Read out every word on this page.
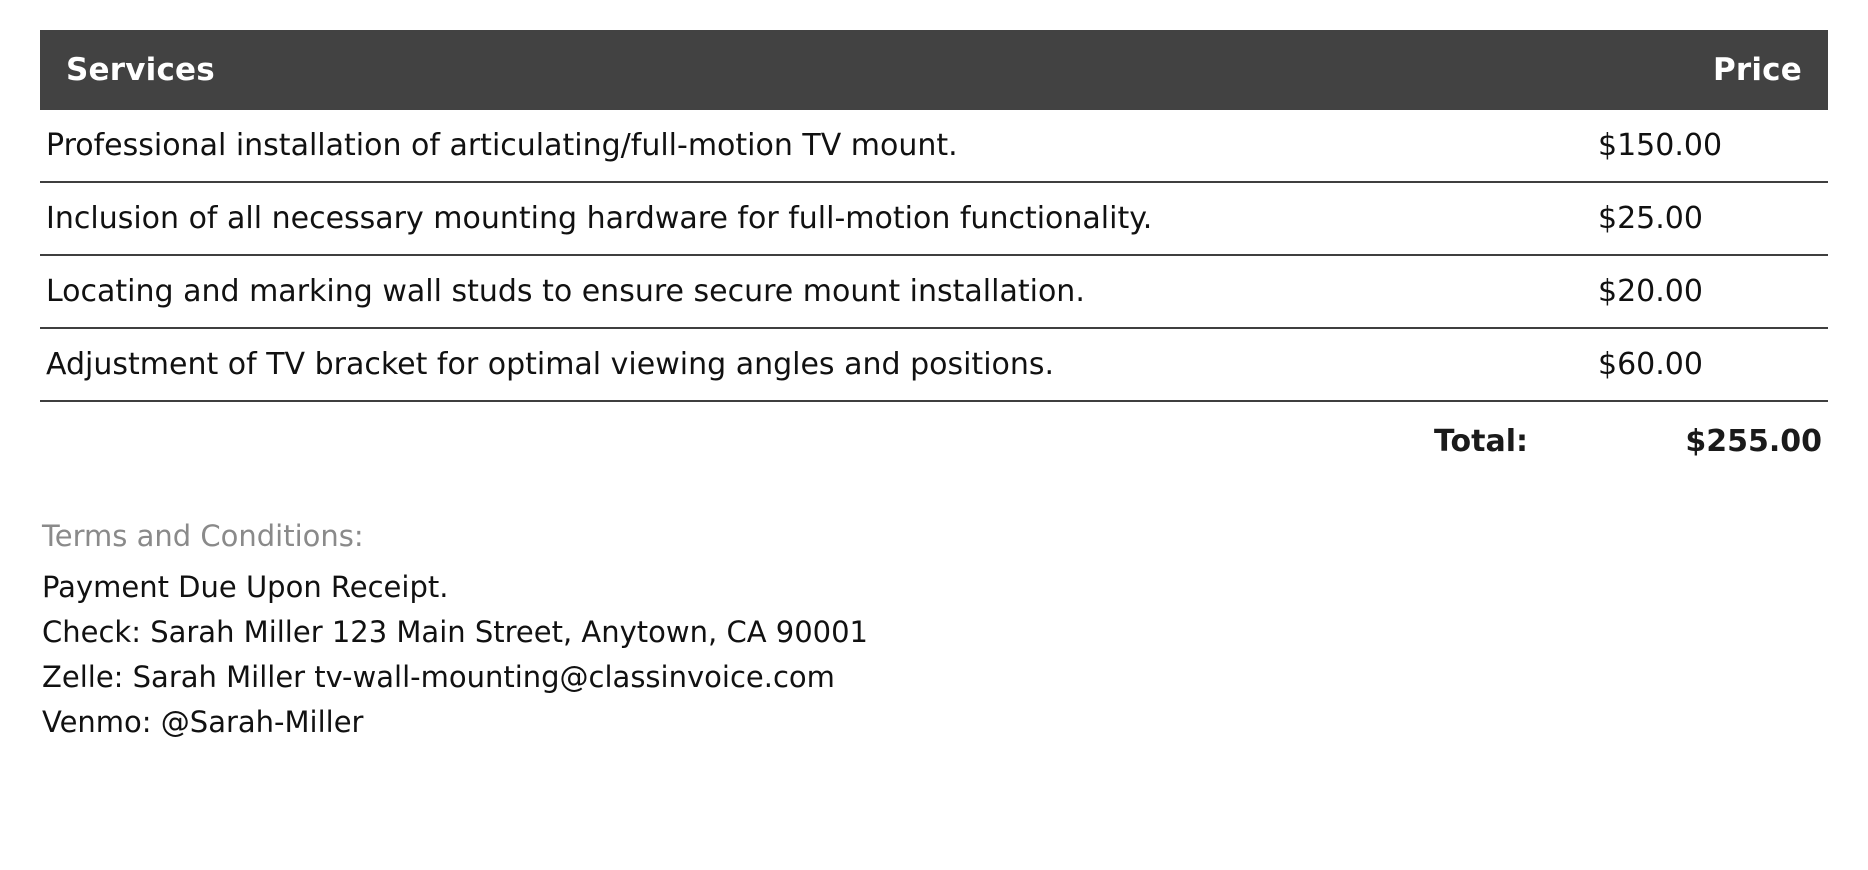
Services	Price
Professional installation of articulating/full-motion TV mount.	$150.00
Inclusion of all necessary mounting hardware for full-motion functionality.	$25.00
Locating and marking wall studs to ensure secure mount installation.	$20.00
Adjustment of TV bracket for optimal viewing angles and positions.	$60.00
Total:	$255.00
Terms and Conditions:
Payment Due Upon Receipt.
Check: Sarah Miller 123 Main Street, Anytown, CA 90001
Zelle: Sarah Miller tv-wall-mounting@classinvoice.com
Venmo: @Sarah-Miller
